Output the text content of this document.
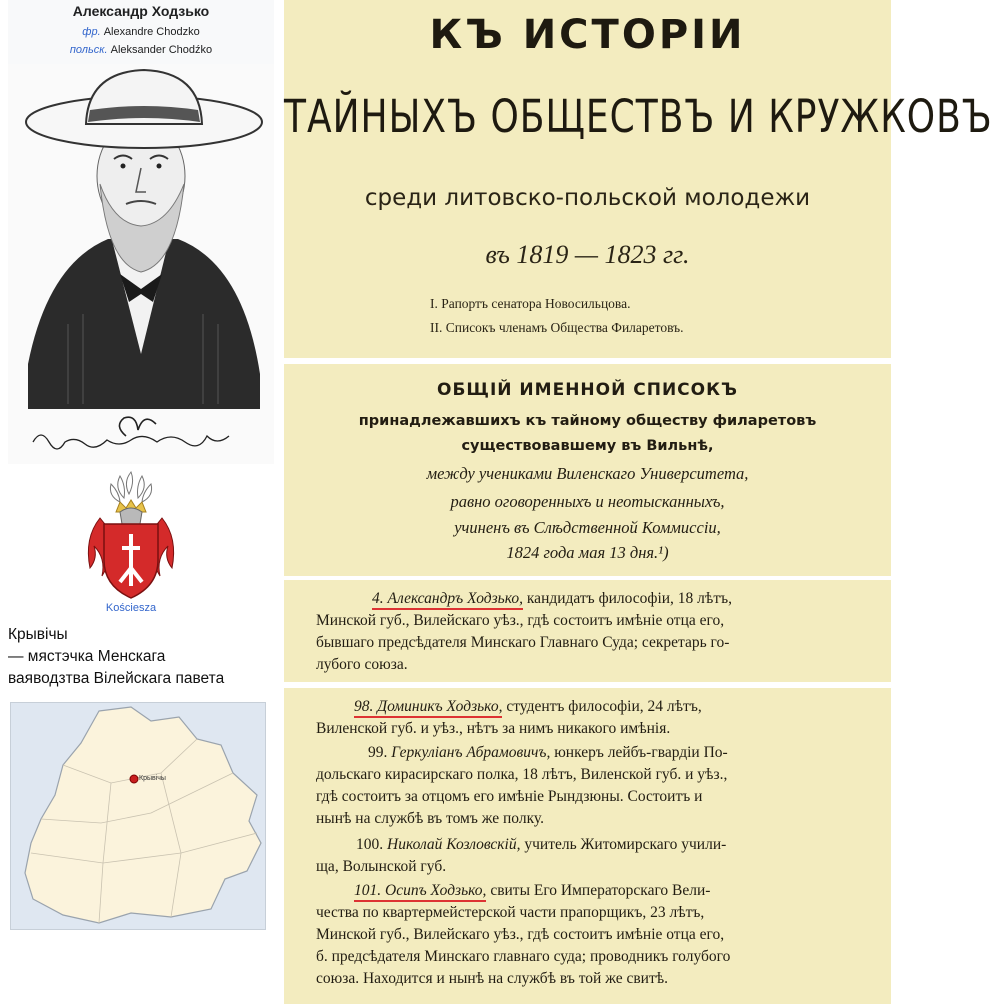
Александр Ходзько
фр. Alexandre Chodzko
польск. Aleksander Chodźko
Kościesza
Крывічы
— мястэчка Менскага
ваяводзтва Вілейскага павета
Крывічы
КЪ ИСТОРІИ
ТАЙНЫХЪ ОБЩЕСТВЪ И КРУЖКОВЪ
среди литовско-польской молодежи
въ 1819 — 1823 гг.
I. Рапортъ сенатора Новосильцова.
II. Списокъ членамъ Общества Филаретовъ.
ОБЩІЙ ИМЕННОЙ СПИСОКЪ
принадлежавшихъ къ тайному обществу филаретовъ
существовавшему въ Вильнѣ,
между учениками Виленскаго Университета,
равно оговоренныхъ и неотысканныхъ,
учиненъ въ Слѣдственной Коммиссіи,
1824 года мая 13 дня.¹)
4. Александръ Ходзько, кандидатъ философіи, 18 лѣтъ,
Минской губ., Вилейскаго уѣз., гдѣ состоитъ имѣніе отца его,
бывшаго предсѣдателя Минскаго Главнаго Суда; секретарь го-
лубого союза.
98. Доминикъ Ходзько, студентъ философіи, 24 лѣтъ,
Виленской губ. и уѣз., нѣтъ за нимъ никакого имѣнія.
99. Геркуліанъ Абрамовичъ, юнкеръ лейбъ-гвардіи По-
дольскаго кирасирскаго полка, 18 лѣтъ, Виленской губ. и уѣз.,
гдѣ состоитъ за отцомъ его имѣніе Рындзюны. Состоитъ и
нынѣ на службѣ въ томъ же полку.
100. Николай Козловскій, учитель Житомирскаго учили-
ща, Волынской губ.
101. Осипъ Ходзько, свиты Его Императорскаго Вели-
чества по квартермейстерской части прапорщикъ, 23 лѣтъ,
Минской губ., Вилейскаго уѣз., гдѣ состоитъ имѣніе отца его,
б. предсѣдателя Минскаго главнаго суда; проводникъ голубого
союза. Находится и нынѣ на службѣ въ той же свитѣ.
